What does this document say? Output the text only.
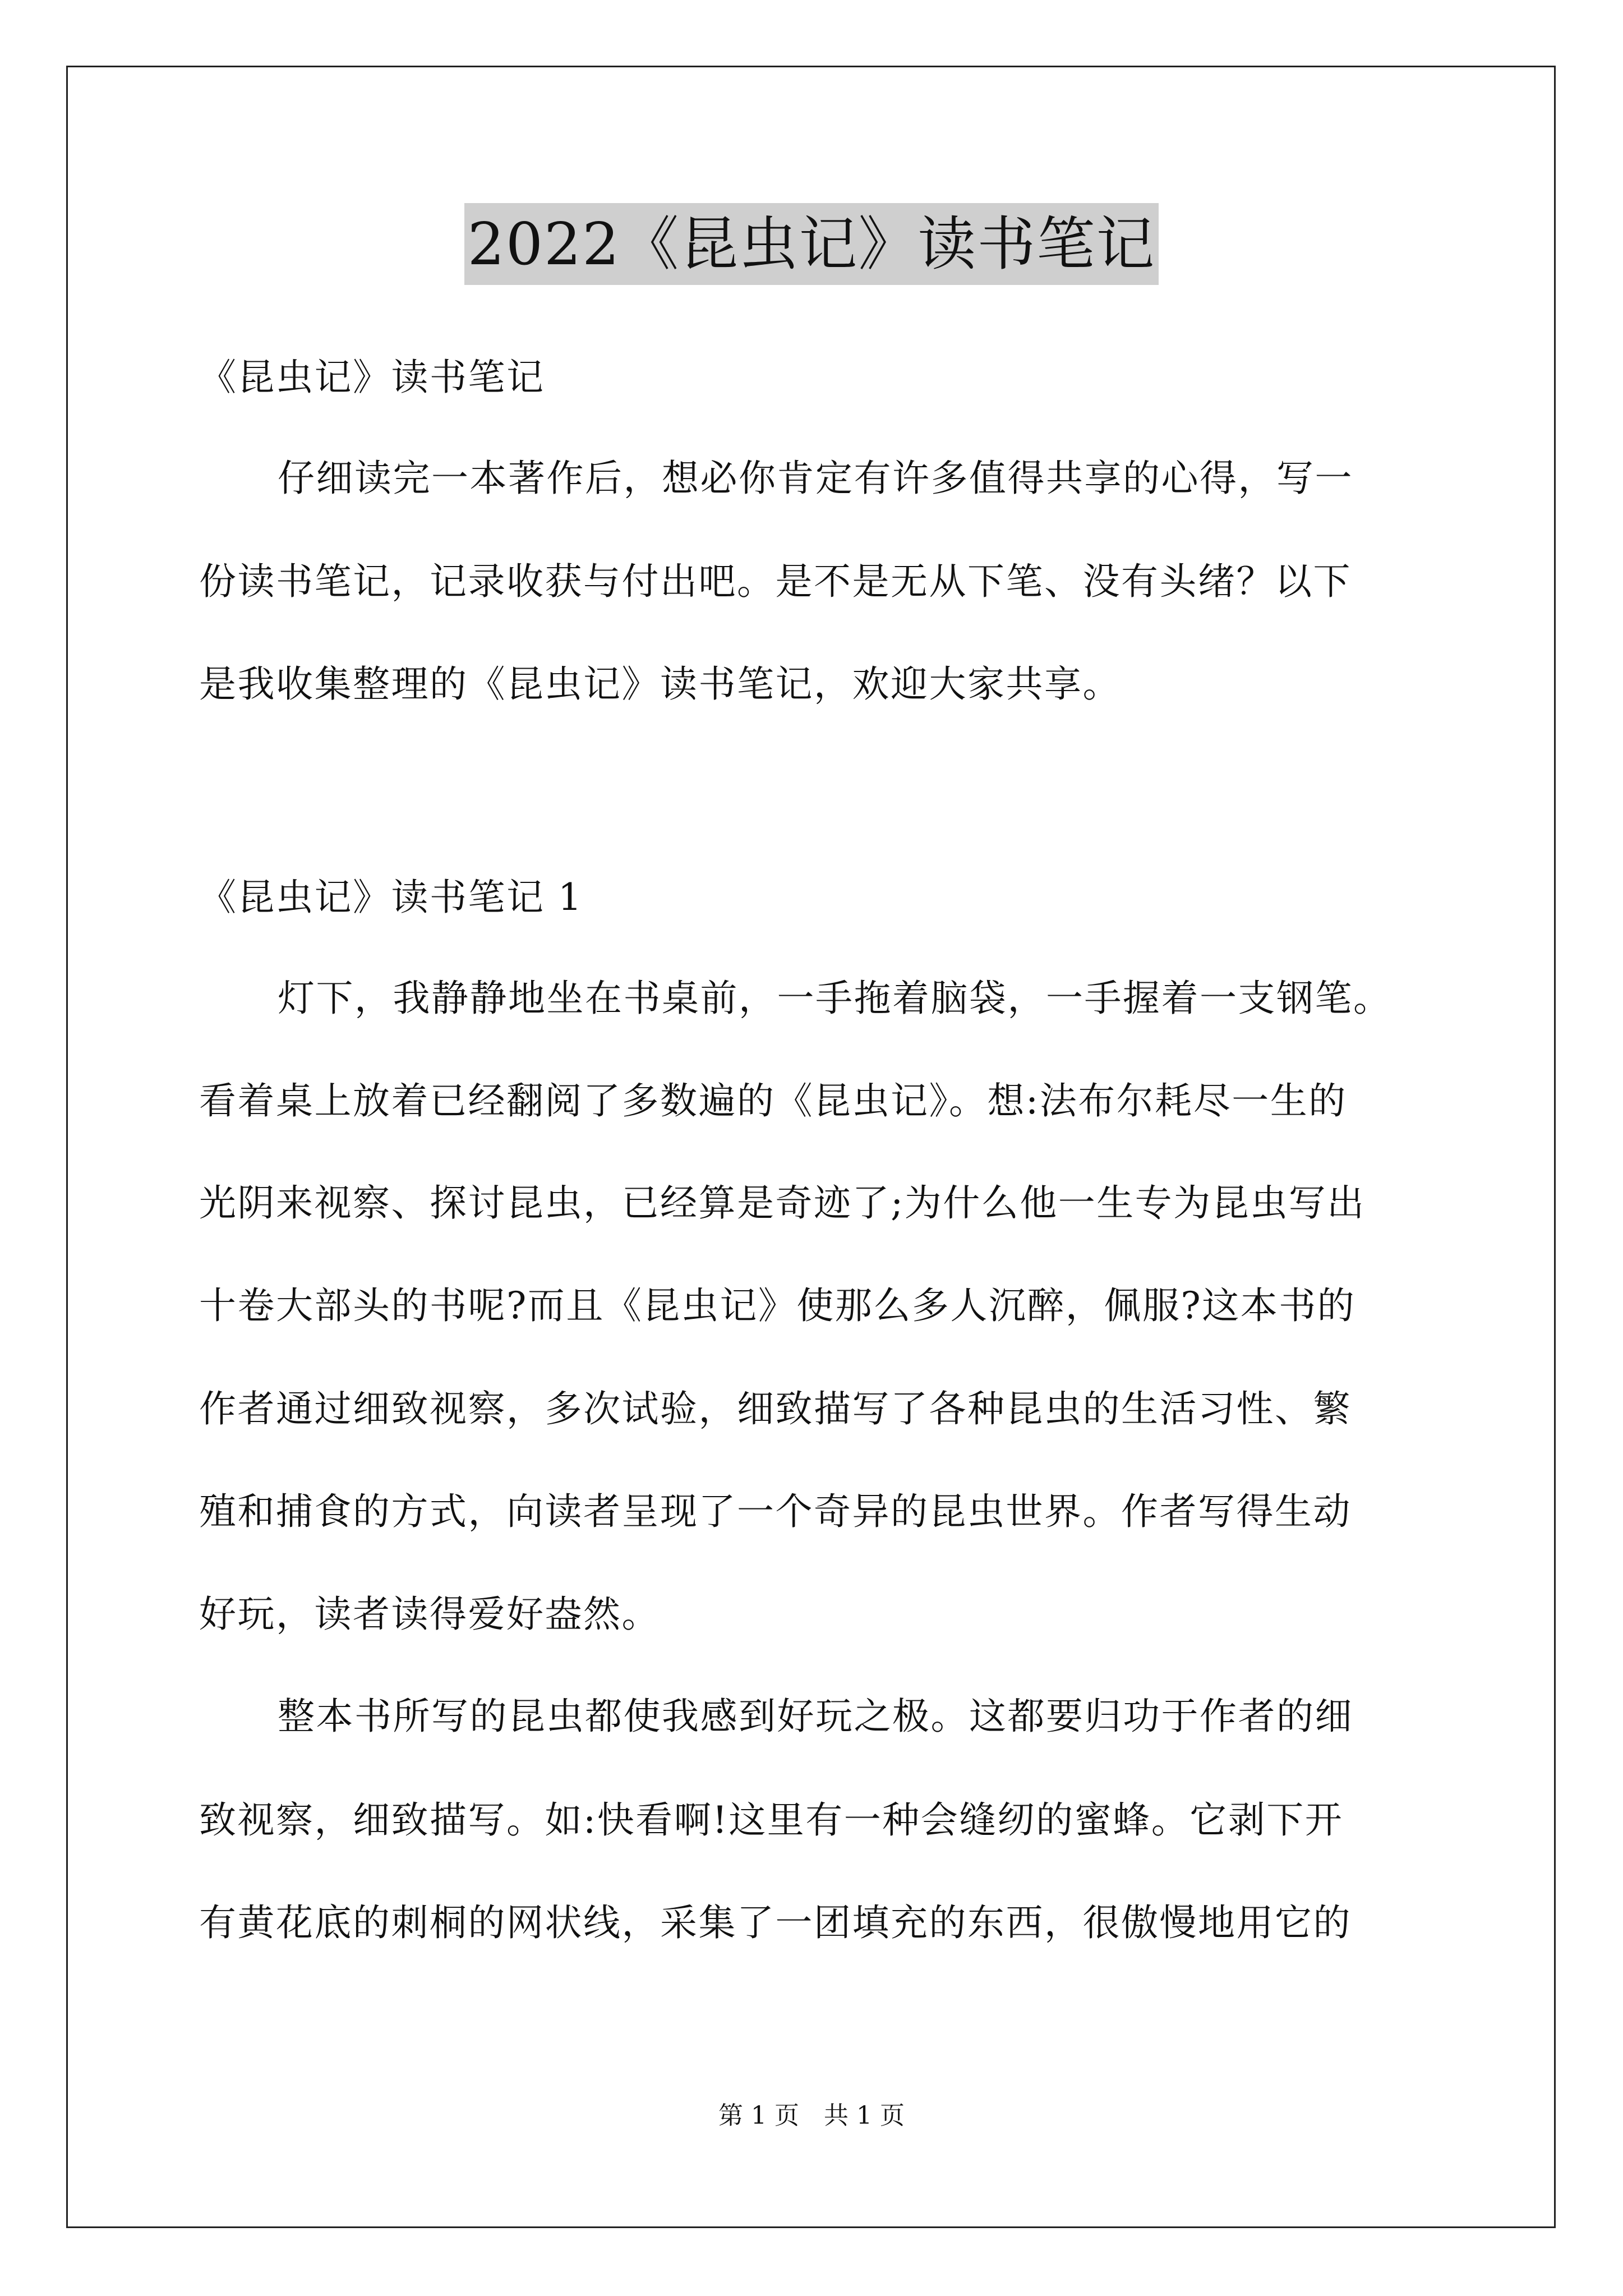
2022《昆虫记》读书笔记
《昆虫记》读书笔记
仔细读完一本著作后，想必你肯定有许多值得共享的心得，写一
份读书笔记，记录收获与付出吧。是不是无从下笔、没有头绪？以下
是我收集整理的《昆虫记》读书笔记，欢迎大家共享。
《昆虫记》读书笔记 1
灯下，我静静地坐在书桌前，一手拖着脑袋，一手握着一支钢笔。
看着桌上放着已经翻阅了多数遍的《昆虫记》。想:法布尔耗尽一生的
光阴来视察、探讨昆虫，已经算是奇迹了;为什么他一生专为昆虫写出
十卷大部头的书呢?而且《昆虫记》使那么多人沉醉，佩服?这本书的
作者通过细致视察，多次试验，细致描写了各种昆虫的生活习性、繁
殖和捕食的方式，向读者呈现了一个奇异的昆虫世界。作者写得生动
好玩，读者读得爱好盎然。
整本书所写的昆虫都使我感到好玩之极。这都要归功于作者的细
致视察，细致描写。如:快看啊!这里有一种会缝纫的蜜蜂。它剥下开
有黄花底的刺桐的网状线，采集了一团填充的东西，很傲慢地用它的
第 1 页　共 1 页
